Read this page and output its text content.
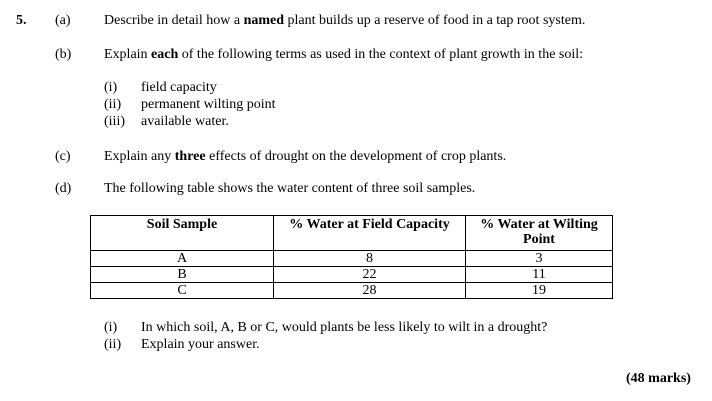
5. (a) Describe in detail how a named plant builds up a reserve of food in a tap root system.
(b) Explain each of the following terms as used in the context of plant growth in the soil:
(i) field capacity
(ii) permanent wilting point
(iii) available water.
(c) Explain any three effects of drought on the development of crop plants.
(d) The following table shows the water content of three soil samples.
Soil Sample	% Water at Field Capacity	% Water at Wilting Point
A	8	3
B	22	11
C	28	19
(i) In which soil, A, B or C, would plants be less likely to wilt in a drought?
(ii) Explain your answer.
(48 marks)
